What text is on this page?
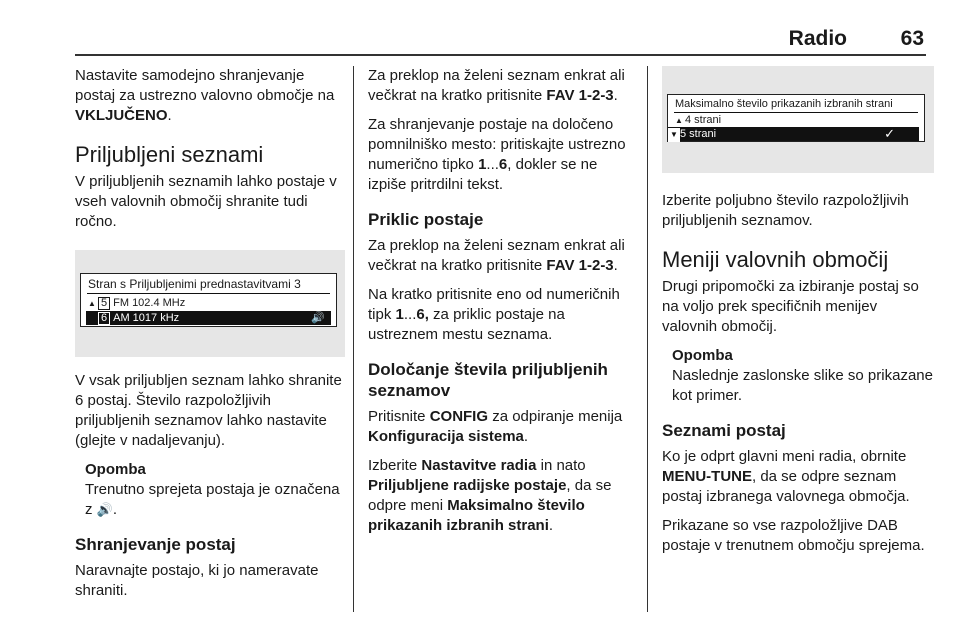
Radio	63

Nastavite samodejno shranjevanje postaj za ustrezno valovno območje na VKLJUČENO.

Priljubljeni seznami

V priljubljenih seznamih lahko postaje v vseh valovnih območij shranite tudi ročno.

Stran s Priljubljenimi prednastavitvami 3
▲ 5 FM 102.4 MHz
6 AM 1017 kHz	🔊

V vsak priljubljen seznam lahko shranite 6 postaj. Število razpoložljivih priljubljenih seznamov lahko nastavite (glejte v nadaljevanju).

Opomba

Trenutno sprejeta postaja je označena z 🔊.

Shranjevanje postaj

Naravnajte postajo, ki jo nameravate shraniti.

Za preklop na želeni seznam enkrat ali večkrat na kratko pritisnite FAV 1-2-3.

Za shranjevanje postaje na določeno pomnilniško mesto: pritiskajte ustrezno numerično tipko 1...6, dokler se ne izpiše pritrdilni tekst.

Priklic postaje

Za preklop na želeni seznam enkrat ali večkrat na kratko pritisnite FAV 1-2-3.

Na kratko pritisnite eno od numeričnih tipk 1...6, za priklic postaje na ustreznem mestu seznama.

Določanje števila priljubljenih seznamov

Pritisnite CONFIG za odpiranje menija Konfiguracija sistema.

Izberite Nastavitve radia in nato Priljubljene radijske postaje, da se odpre meni Maksimalno število prikazanih izbranih strani.

Maksimalno število prikazanih izbranih strani
▲ 4 strani
▼ 5 strani	✓

Izberite poljubno število razpoložljivih priljubljenih seznamov.

Meniji valovnih območij

Drugi pripomočki za izbiranje postaj so na voljo prek specifičnih menijev valovnih območij.

Opomba

Naslednje zaslonske slike so prikazane kot primer.

Seznami postaj

Ko je odprt glavni meni radia, obrnite MENU-TUNE, da se odpre seznam postaj izbranega valovnega območja.

Prikazane so vse razpoložljive DAB postaje v trenutnem območju sprejema.
